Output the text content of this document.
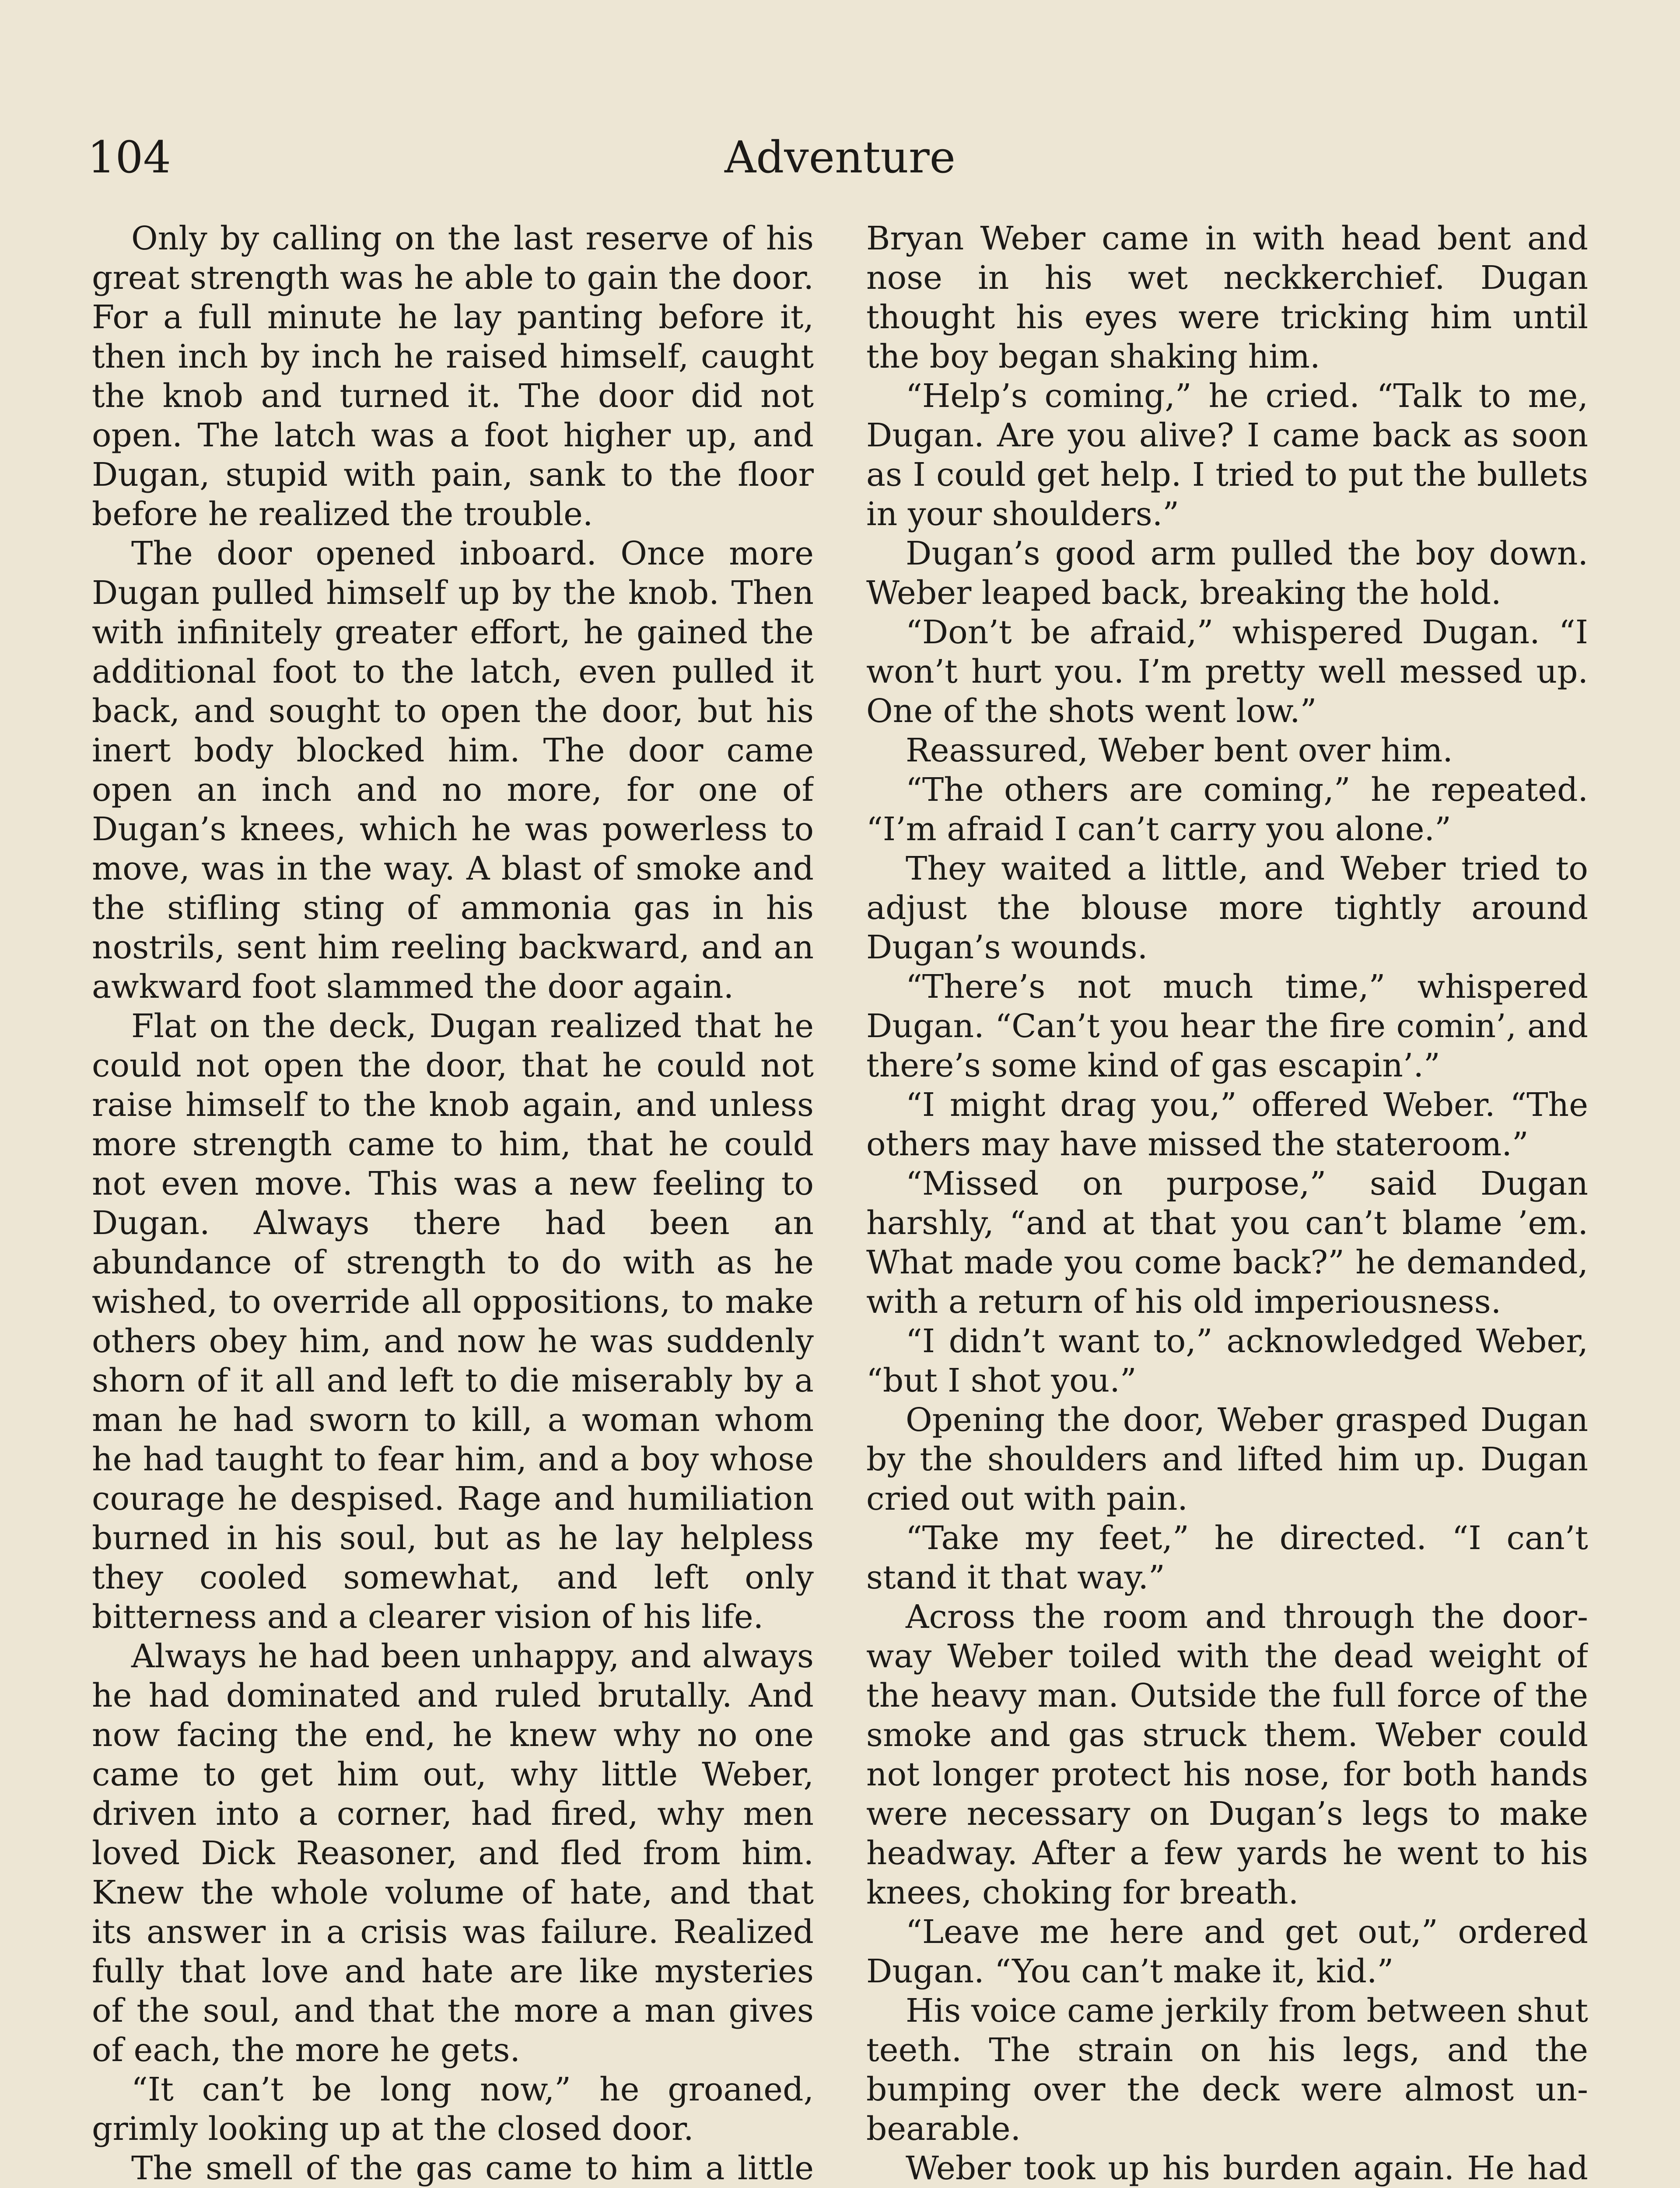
104	Adventure

Only by calling on the last reserve of his great strength was he able to gain the door. For a full minute he lay panting before it, then inch by inch he raised himself, caught the knob and turned it. The door did not open. The latch was a foot higher up, and Dugan, stupid with pain, sank to the floor before he realized the trouble.

The door opened inboard. Once more Dugan pulled himself up by the knob. Then with infinitely greater effort, he gained the additional foot to the latch, even pulled it back, and sought to open the door, but his inert body blocked him. The door came open an inch and no more, for one of Dugan’s knees, which he was powerless to move, was in the way. A blast of smoke and the stifling sting of ammonia gas in his nostrils, sent him reeling backward, and an awkward foot slammed the door again.

Flat on the deck, Dugan realized that he could not open the door, that he could not raise himself to the knob again, and unless more strength came to him, that he could not even move. This was a new feeling to Dugan. Always there had been an abundance of strength to do with as he wished, to override all oppositions, to make others obey him, and now he was suddenly shorn of it all and left to die miserably by a man he had sworn to kill, a woman whom he had taught to fear him, and a boy whose courage he despised. Rage and humiliation burned in his soul, but as he lay helpless they cooled somewhat, and left only bitterness and a clearer vision of his life.

Always he had been unhappy, and always he had dominated and ruled brutally. And now facing the end, he knew why no one came to get him out, why little Weber, driven into a corner, had fired, why men loved Dick Reasoner, and fled from him. Knew the whole volume of hate, and that its answer in a crisis was failure. Realized fully that love and hate are like mysteries of the soul, and that the more a man gives of each, the more he gets.

“It can’t be long now,” he groaned, grimly looking up at the closed door.

The smell of the gas came to him a little

Bryan Weber came in with head bent and nose in his wet neckkerchief. Dugan thought his eyes were tricking him until the boy began shaking him.

“Help’s coming,” he cried. “Talk to me, Dugan. Are you alive? I came back as soon as I could get help. I tried to put the bullets in your shoulders.”

Dugan’s good arm pulled the boy down. Weber leaped back, breaking the hold.

“Don’t be afraid,” whispered Dugan. “I won’t hurt you. I’m pretty well messed up. One of the shots went low.”

Reassured, Weber bent over him.

“The others are coming,” he repeated. “I’m afraid I can’t carry you alone.”

They waited a little, and Weber tried to adjust the blouse more tightly around Dugan’s wounds.

“There’s not much time,” whispered Dugan. “Can’t you hear the fire comin’, and there’s some kind of gas escapin’.”

“I might drag you,” offered Weber. “The others may have missed the stateroom.”

“Missed on purpose,” said Dugan harshly, “and at that you can’t blame ’em. What made you come back?” he demanded, with a return of his old imperiousness.

“I didn’t want to,” acknowledged Weber, “but I shot you.”

Opening the door, Weber grasped Dugan by the shoulders and lifted him up. Dugan cried out with pain.

“Take my feet,” he directed. “I can’t stand it that way.”

Across the room and through the doorway Weber toiled with the dead weight of the heavy man. Outside the full force of the smoke and gas struck them. Weber could not longer protect his nose, for both hands were necessary on Dugan’s legs to make headway. After a few yards he went to his knees, choking for breath.

“Leave me here and get out,” ordered Dugan. “You can’t make it, kid.”

His voice came jerkily from between shut teeth. The strain on his legs, and the bumping over the deck were almost unbearable.

Weber took up his burden again. He had
